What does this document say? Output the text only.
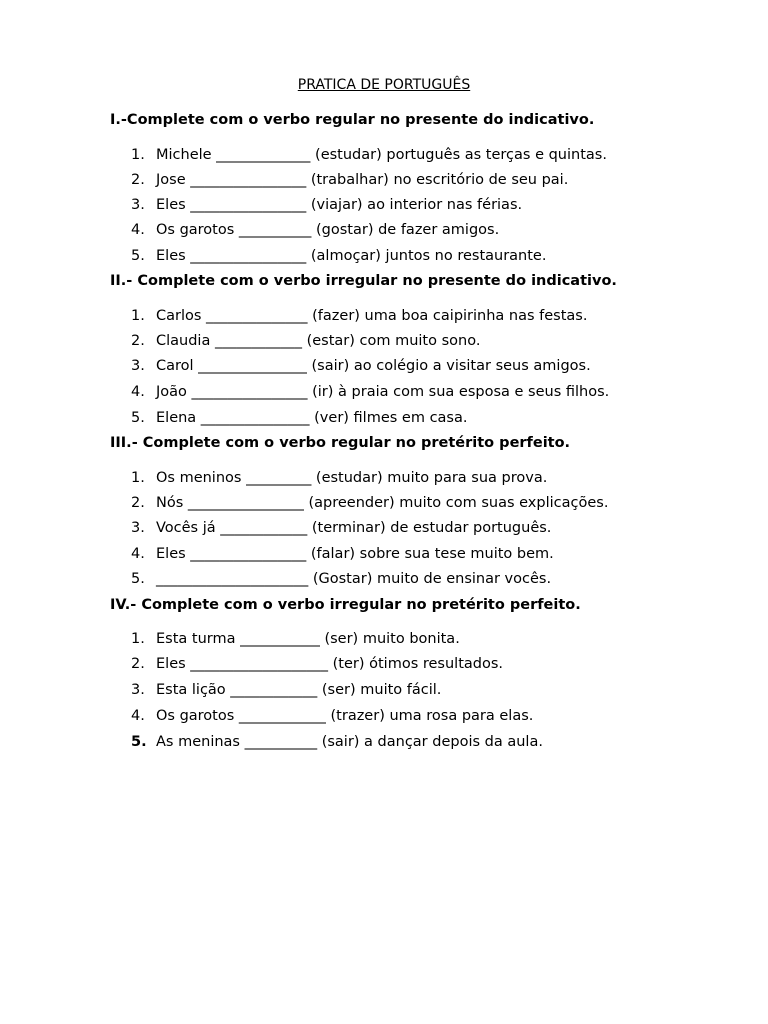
PRATICA DE PORTUGUÊS
I.-Complete com o verbo regular no presente do indicativo.
1. Michele _____________ (estudar) português as terças e quintas.
2. Jose ________________ (trabalhar) no escritório de seu pai.
3. Eles ________________ (viajar) ao interior nas férias.
4. Os garotos __________ (gostar) de fazer amigos.
5. Eles ________________ (almoçar) juntos no restaurante.
II.- Complete com o verbo irregular no presente do indicativo.
1. Carlos ______________ (fazer) uma boa caipirinha nas festas.
2. Claudia ____________ (estar) com muito sono.
3. Carol _______________ (sair) ao colégio a visitar seus amigos.
4. João ________________ (ir) à praia com sua esposa e seus filhos.
5. Elena _______________ (ver) filmes em casa.
III.- Complete com o verbo regular no pretérito perfeito.
1. Os meninos _________ (estudar) muito para sua prova.
2. Nós ________________ (apreender) muito com suas explicações.
3. Vocês já ____________ (terminar) de estudar português.
4. Eles ________________ (falar) sobre sua tese muito bem.
5. _____________________ (Gostar) muito de ensinar vocês.
IV.- Complete com o verbo irregular no pretérito perfeito.
1. Esta turma ___________ (ser) muito bonita.
2. Eles ___________________ (ter) ótimos resultados.
3. Esta lição ____________ (ser) muito fácil.
4. Os garotos ____________ (trazer) uma rosa para elas.
5. As meninas __________ (sair) a dançar depois da aula.
